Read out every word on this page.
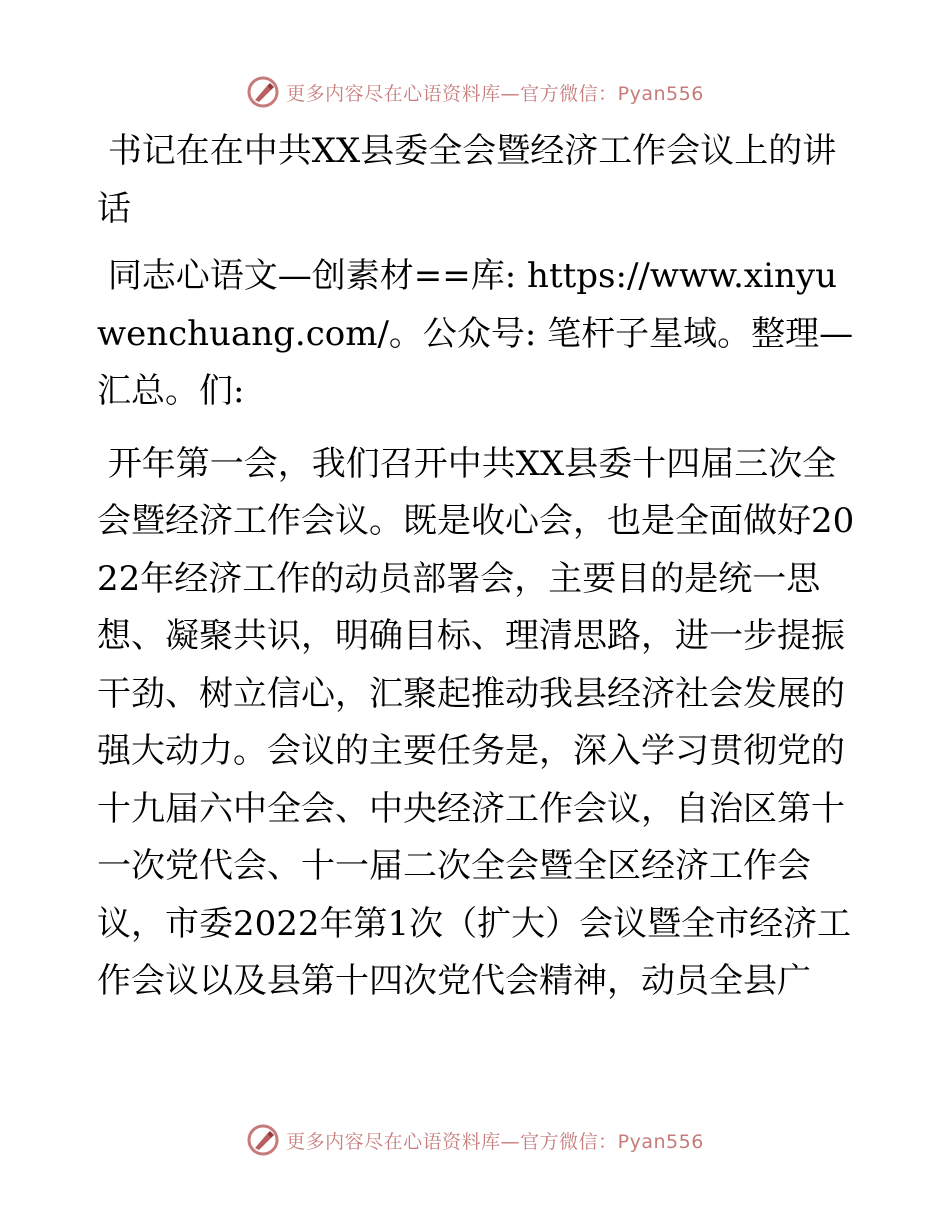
更多内容尽在心语资料库—官方微信：Pyan556

书记在在中共XX县委全会暨经济工作会议上的讲话

同志心语文—创素材==库: https://www.xinyuwenchuang.com/。公众号: 笔杆子星域。整理—汇总。们:

开年第一会，我们召开中共XX县委十四届三次全会暨经济工作会议。既是收心会，也是全面做好2022年经济工作的动员部署会，主要目的是统一思想、凝聚共识，明确目标、理清思路，进一步提振干劲、树立信心，汇聚起推动我县经济社会发展的强大动力。会议的主要任务是，深入学习贯彻党的十九届六中全会、中央经济工作会议，自治区第十一次党代会、十一届二次全会暨全区经济工作会议，市委2022年第1次（扩大）会议暨全市经济工作会议以及县第十四次党代会精神，动员全县广

更多内容尽在心语资料库—官方微信：Pyan556
